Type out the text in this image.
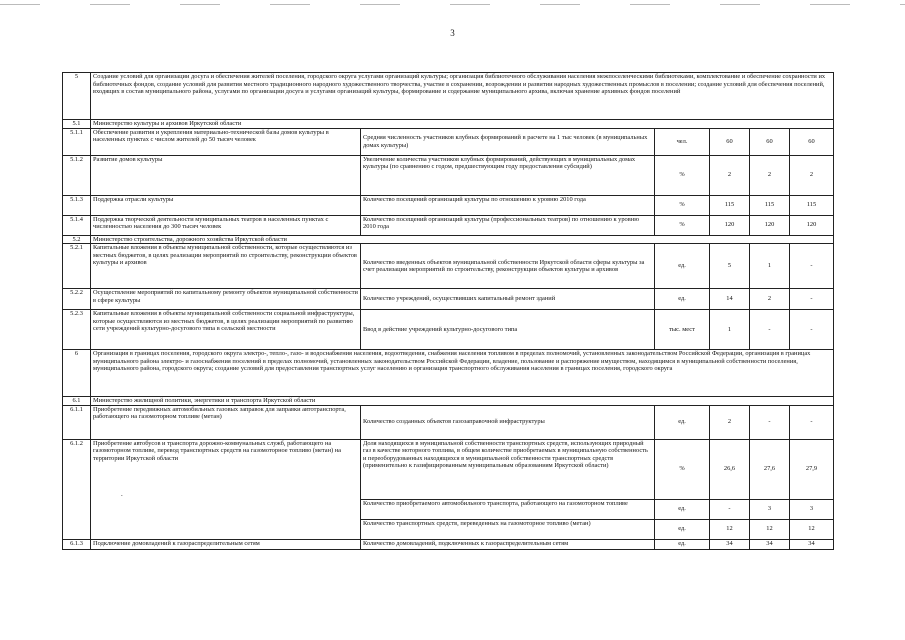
3
.
5	Создание условий для организации досуга и обеспечения жителей поселения, городского округа услугами организаций культуры; организация библиотечного обслуживания населения межпоселенческими библиотеками, комплектование и обеспечение сохранности их библиотечных фондов, создание условий для развития местного традиционного народного художественного творчества, участие в сохранении, возрождении и развитии народных художественных промыслов в поселении; создание условий для обеспечения поселений, входящих в состав муниципального района, услугами по организации досуга и услугами организаций культуры, формирование и содержание муниципального архива, включая хранение архивных фондов поселений					
5.1	Министерство культуры и архивов Иркутской области					
5.1.1	Обеспечение развития и укрепления материально-технической базы домов культуры в населенных пунктах с числом жителей до 50 тысяч человек	Средняя численность участников клубных формирований в расчете на 1 тыс человек (в муниципальных домах культуры)	чел.	60	60	60
5.1.2	Развитие домов культуры	Увеличение количества участников клубных формирований, действующих в муниципальных домах культуры (по сравнению с годом, предшествующим году предоставления субсидий)	%	2	2	2
5.1.3	Поддержка отрасли культуры	Количество посещений организаций культуры по отношению к уровню 2010 года	%	115	115	115
5.1.4	Поддержка творческой деятельности муниципальных театров в населенных пунктах с численностью населения до 300 тысяч человек	Количество посещений организаций культуры (профессиональных театров) по отношению к уровню 2010 года	%	120	120	120
5.2	Министерство строительства, дорожного хозяйства Иркутской области					
5.2.1	Капитальные вложения в объекты муниципальной собственности, которые осуществляются из местных бюджетов, в целях реализации мероприятий по строительству, реконструкции объектов культуры и архивов	Количество введенных объектов муниципальной собственности Иркутской области сферы культуры за счет реализации мероприятий по строительству, реконструкции объектов культуры и архивов	ед.	5	1	-
5.2.2	Осуществление мероприятий по капитальному ремонту объектов муниципальной собственности в сфере культуры	Количество учреждений, осуществивших капитальный ремонт зданий	ед.	14	2	-
5.2.3	Капитальные вложения в объекты муниципальной собственности социальной инфраструктуры, которые осуществляются из местных бюджетов, в целях реализации мероприятий по развитию сети учреждений культурно-досугового типа в сельской местности	Ввод в действие учреждений культурно-досугового типа	тыс. мест	1	-	-
6	Организация в границах поселения, городского округа электро-, тепло-, газо- и водоснабжения населения, водоотведения, снабжения населения топливом в пределах полномочий, установленных законодательством Российской Федерации, организация в границах муниципального района электро- и газоснабжения поселений в пределах полномочий, установленных законодательством Российской Федерации, владение, пользование и распоряжение имуществом, находящимся в муниципальной собственности поселения, муниципального района, городского округа; создание условий для предоставления транспортных услуг населению и организация транспортного обслуживания населения в границах поселения, городского округа					
6.1	Министерство жилищной политики, энергетики и транспорта Иркутской области					
6.1.1	Приобретение передвижных автомобильных газовых заправок для заправки автотранспорта, работающего на газомоторном топливе (метан)	Количество созданных объектов газозаправочной инфраструктуры	ед.	2	-	-
6.1.2	Приобретение автобусов и транспорта дорожно-коммунальных служб, работающего на газомоторном топливе, перевод транспортных средств на газомоторное топливо (метан) на территории Иркутской области	Доля находящихся в муниципальной собственности транспортных средств, использующих природный газ в качестве моторного топлива, в общем количестве приобретаемых в муниципальную собственность и переоборудованных находящихся в муниципальной собственности транспортных средств (применительно к газифицированным муниципальным образованиям Иркутской области)	%	26,6	27,6	27,9
		Количество приобретаемого автомобильного транспорта, работающего на газомоторном топливе	ед.	-	3	3
		Количество транспортных средств, переведенных на газомоторное топливо (метан)	ед.	12	12	12
6.1.3	Подключение домовладений к газораспределительным сетям	Количество домовладений, подключенных к газораспределительным сетям	ед.	34	34	34
